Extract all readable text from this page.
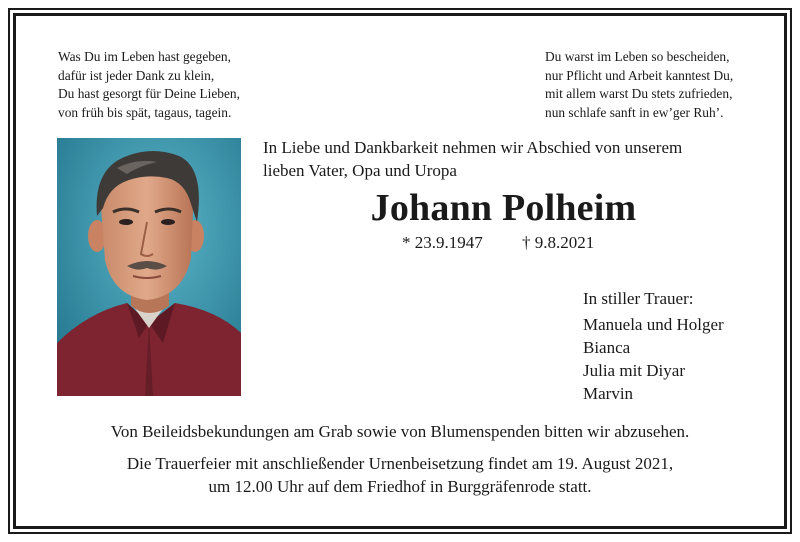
Was Du im Leben hast gegeben,
dafür ist jeder Dank zu klein,
Du hast gesorgt für Deine Lieben,
von früh bis spät, tagaus, tagein.
Du warst im Leben so bescheiden,
nur Pflicht und Arbeit kanntest Du,
mit allem warst Du stets zufrieden,
nun schlafe sanft in ew’ger Ruh’.
In Liebe und Dankbarkeit nehmen wir Abschied von unserem
lieben Vater, Opa und Uropa
Johann Polheim
* 23.9.1947 † 9.8.2021
In stiller Trauer:
Manuela und Holger
Bianca
Julia mit Diyar
Marvin
Von Beileidsbekundungen am Grab sowie von Blumenspenden bitten wir abzusehen.
Die Trauerfeier mit anschließender Urnenbeisetzung findet am 19. August 2021,
um 12.00 Uhr auf dem Friedhof in Burggräfenrode statt.
